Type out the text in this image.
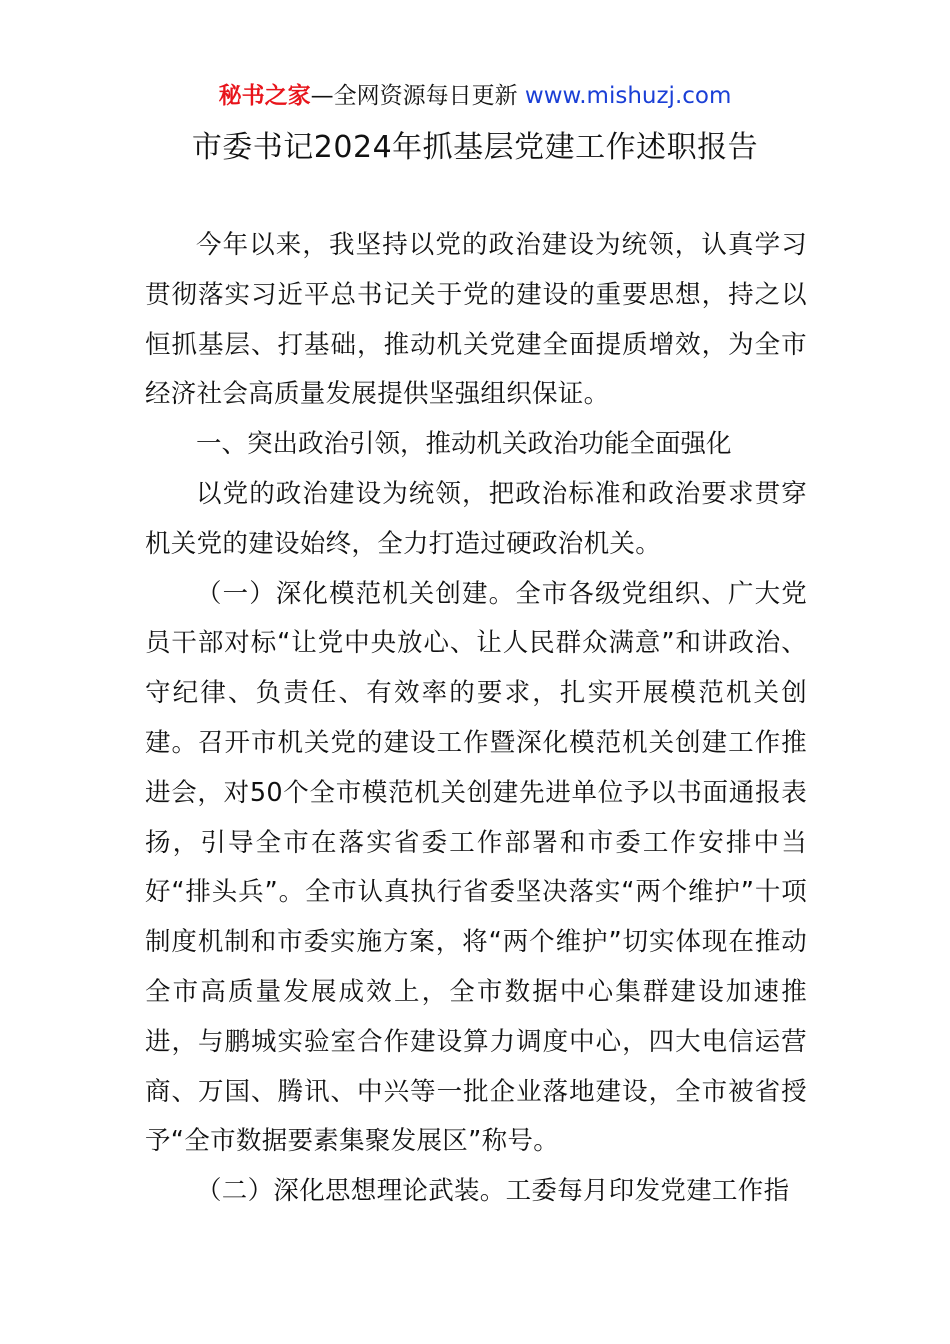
秘书之家—全网资源每日更新 www.mishuzj.com
市委书记2024年抓基层党建工作述职报告

今年以来，我坚持以党的政治建设为统领，认真学习贯彻落实习近平总书记关于党的建设的重要思想，持之以恒抓基层、打基础，推动机关党建全面提质增效，为全市经济社会高质量发展提供坚强组织保证。

一、突出政治引领，推动机关政治功能全面强化

以党的政治建设为统领，把政治标准和政治要求贯穿机关党的建设始终，全力打造过硬政治机关。

（一）深化模范机关创建。全市各级党组织、广大党员干部对标“让党中央放心、让人民群众满意”和讲政治、守纪律、负责任、有效率的要求，扎实开展模范机关创建。召开市机关党的建设工作暨深化模范机关创建工作推进会，对50个全市模范机关创建先进单位予以书面通报表扬，引导全市在落实省委工作部署和市委工作安排中当好“排头兵”。全市认真执行省委坚决落实“两个维护”十项制度机制和市委实施方案，将“两个维护”切实体现在推动全市高质量发展成效上，全市数据中心集群建设加速推进，与鹏城实验室合作建设算力调度中心，四大电信运营商、万国、腾讯、中兴等一批企业落地建设，全市被省授予“全市数据要素集聚发展区”称号。

（二）深化思想理论武装。工委每月印发党建工作指
